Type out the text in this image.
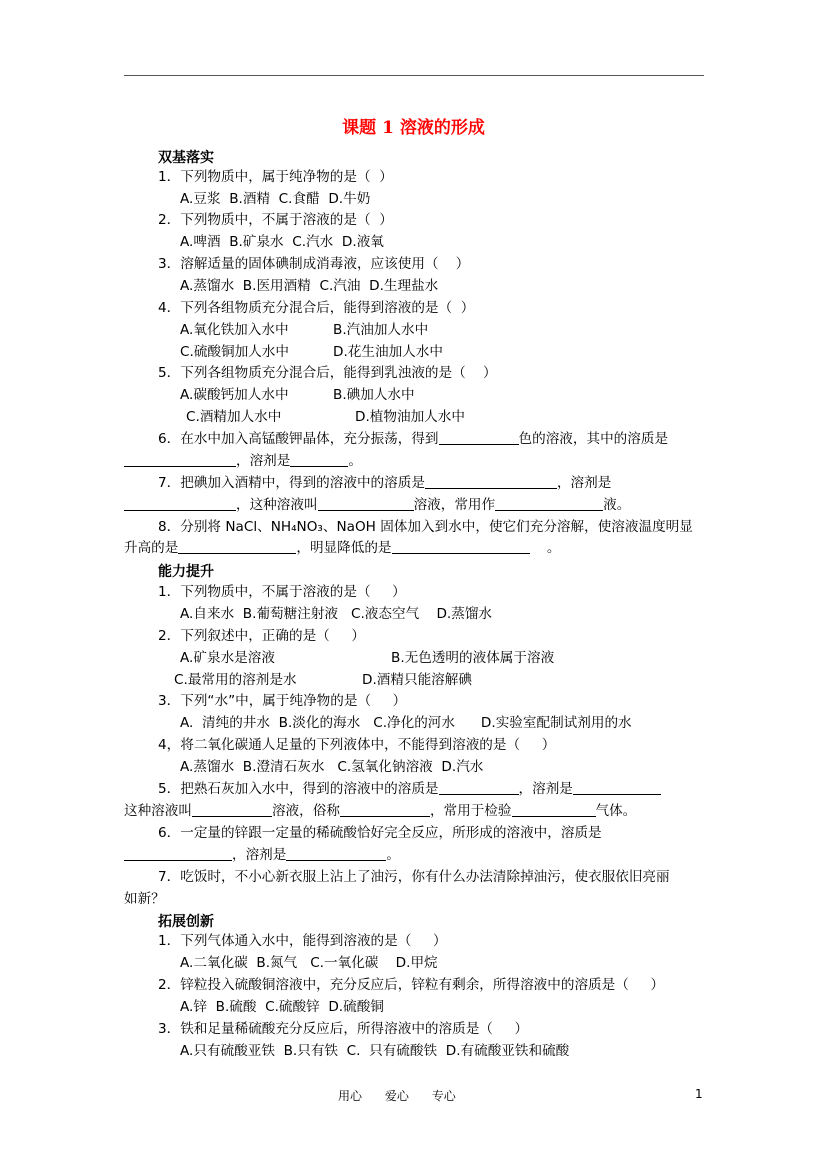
课题 1 溶液的形成
双基落实
1．下列物质中，属于纯净物的是（  ）
A.豆浆  B.酒精  C.食醋  D.牛奶
2．下列物质中，不属于溶液的是（  ）
A.啤酒  B.矿泉水  C.汽水  D.液氧
3．溶解适量的固体碘制成消毒液，应该使用（    ）
A.蒸馏水  B.医用酒精  C.汽油  D.生理盐水
4．下列各组物质充分混合后，能得到溶液的是（  ）
A.氧化铁加入水中	B.汽油加人水中
C.硫酸铜加人水中	D.花生油加人水中
5．下列各组物质充分混合后，能得到乳浊液的是（    ）
A.碳酸钙加人水中	B.碘加人水中
C.酒精加人水中	D.植物油加人水中
6．在水中加入高锰酸钾晶体，充分振荡，得到	色的溶液，其中的溶质是
，溶剂是	。
7．把碘加入酒精中，得到的溶液中的溶质是	，溶剂是
，这种溶液叫	溶液，常用作	液。
8．分别将 NaCl、NH₄NO₃、NaOH 固体加入到水中，使它们充分溶解，使溶液温度明显
升高的是	，明显降低的是	。
能力提升
1．下列物质中，不属于溶液的是（     ）
A.自来水  B.葡萄糖注射液   C.液态空气    D.蒸馏水
2．下列叙述中，正确的是（     ）
A.矿泉水是溶液	B.无色透明的液体属于溶液
C.最常用的溶剂是水	D.酒精只能溶解碘
3．下列“水”中，属于纯净物的是（     ）
A.  清纯的井水  B.淡化的海水   C.净化的河水      D.实验室配制试剂用的水
4，将二氧化碳通人足量的下列液体中，不能得到溶液的是（     ）
A.蒸馏水  B.澄清石灰水   C.氢氧化钠溶液  D.汽水
5．把熟石灰加入水中，得到的溶液中的溶质是	，溶剂是
这种溶液叫	溶液，俗称	，常用于检验	气体。
6．一定量的锌跟一定量的稀硫酸恰好完全反应，所形成的溶液中，溶质是
，溶剂是	。
7．吃饭时，不小心新衣服上沾上了油污，你有什么办法清除掉油污，使衣服依旧亮丽
如新？
拓展创新
1．下列气体通入水中，能得到溶液的是（     ）
A.二氧化碳  B.氮气   C.一氧化碳    D.甲烷
2．锌粒投入硫酸铜溶液中，充分反应后，锌粒有剩余，所得溶液中的溶质是（     ）
A.锌  B.硫酸  C.硫酸锌  D.硫酸铜
3．铁和足量稀硫酸充分反应后，所得溶液中的溶质是（     ）
A.只有硫酸亚铁  B.只有铁  C.  只有硫酸铁  D.有硫酸亚铁和硫酸
用心      爱心      专心	1
